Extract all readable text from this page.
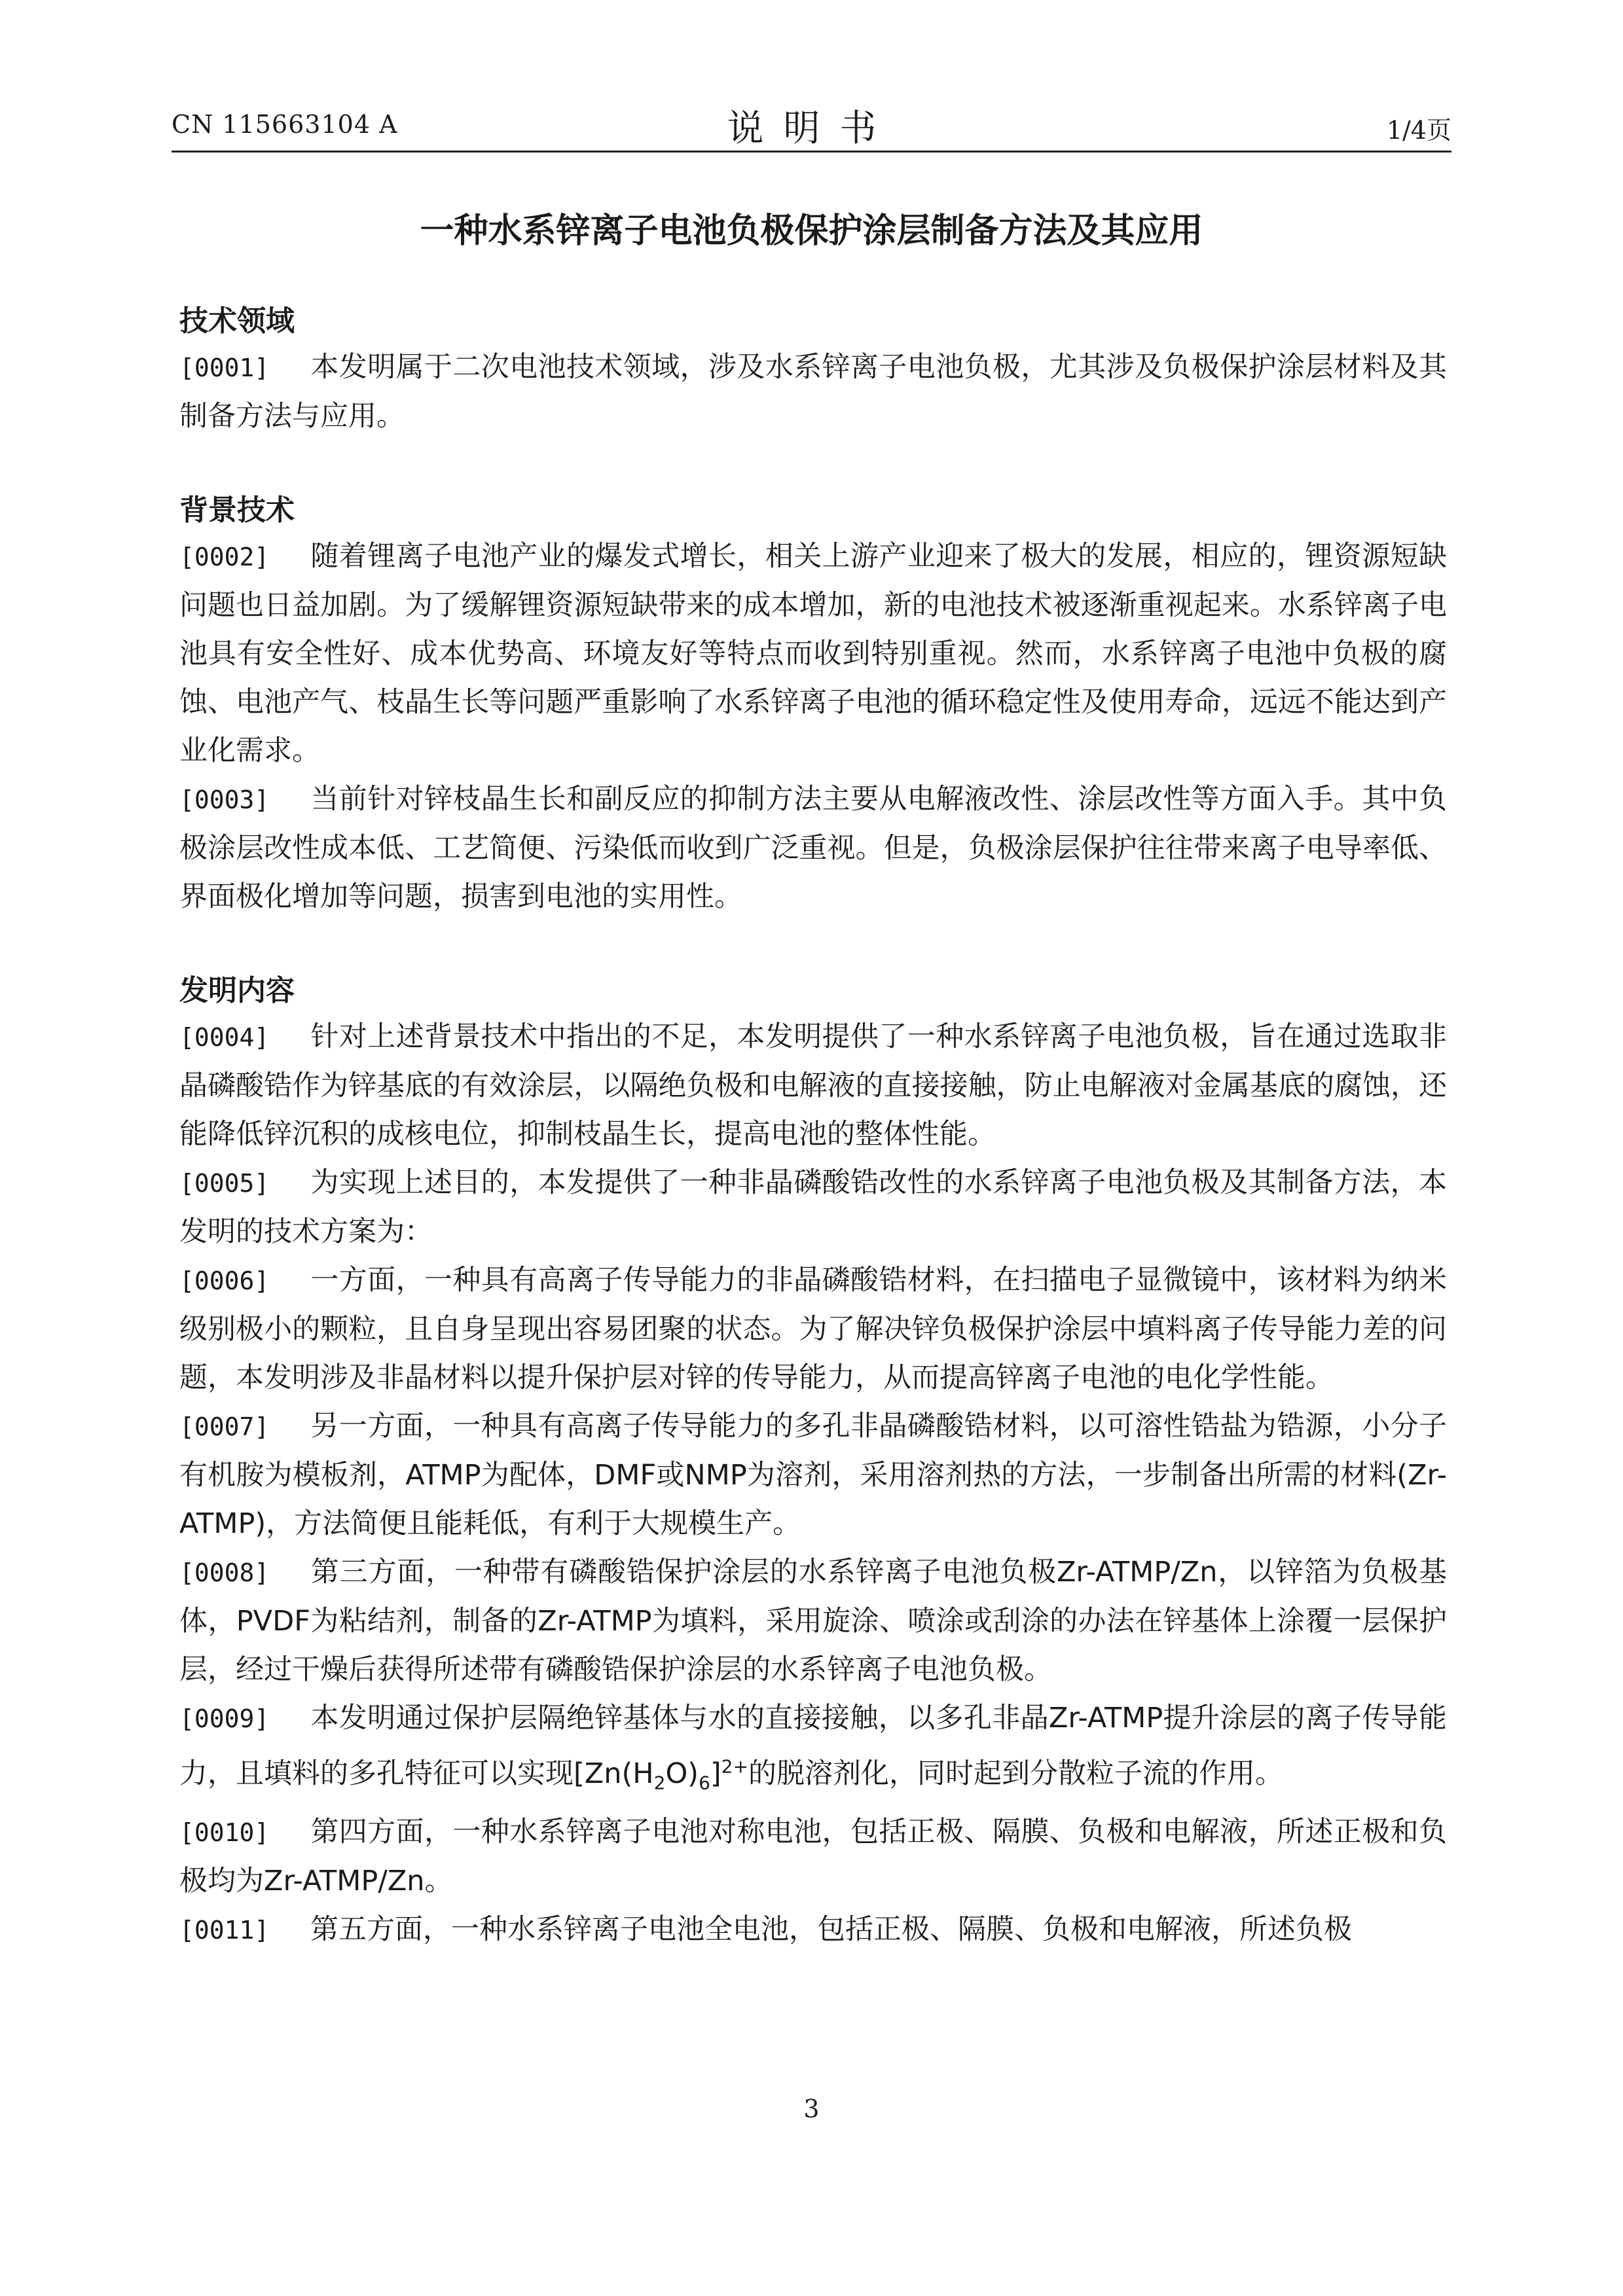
CN 115663104 A	说明书	1/4页
一种水系锌离子电池负极保护涂层制备方法及其应用
技术领域
[0001] 本发明属于二次电池技术领域，涉及水系锌离子电池负极，尤其涉及负极保护涂层材料及其制备方法与应用。
背景技术
[0002] 随着锂离子电池产业的爆发式增长，相关上游产业迎来了极大的发展，相应的，锂资源短缺问题也日益加剧。为了缓解锂资源短缺带来的成本增加，新的电池技术被逐渐重视起来。水系锌离子电池具有安全性好、成本优势高、环境友好等特点而收到特别重视。然而，水系锌离子电池中负极的腐蚀、电池产气、枝晶生长等问题严重影响了水系锌离子电池的循环稳定性及使用寿命，远远不能达到产业化需求。
[0003] 当前针对锌枝晶生长和副反应的抑制方法主要从电解液改性、涂层改性等方面入手。其中负极涂层改性成本低、工艺简便、污染低而收到广泛重视。但是，负极涂层保护往往带来离子电导率低、界面极化增加等问题，损害到电池的实用性。
发明内容
[0004] 针对上述背景技术中指出的不足，本发明提供了一种水系锌离子电池负极，旨在通过选取非晶磷酸锆作为锌基底的有效涂层，以隔绝负极和电解液的直接接触，防止电解液对金属基底的腐蚀，还能降低锌沉积的成核电位，抑制枝晶生长，提高电池的整体性能。
[0005] 为实现上述目的，本发提供了一种非晶磷酸锆改性的水系锌离子电池负极及其制备方法，本发明的技术方案为：
[0006] 一方面，一种具有高离子传导能力的非晶磷酸锆材料，在扫描电子显微镜中，该材料为纳米级别极小的颗粒，且自身呈现出容易团聚的状态。为了解决锌负极保护涂层中填料离子传导能力差的问题，本发明涉及非晶材料以提升保护层对锌的传导能力，从而提高锌离子电池的电化学性能。
[0007] 另一方面，一种具有高离子传导能力的多孔非晶磷酸锆材料，以可溶性锆盐为锆源，小分子有机胺为模板剂，ATMP为配体，DMF或NMP为溶剂，采用溶剂热的方法，一步制备出所需的材料(Zr-ATMP)，方法简便且能耗低，有利于大规模生产。
[0008] 第三方面，一种带有磷酸锆保护涂层的水系锌离子电池负极Zr-ATMP/Zn，以锌箔为负极基体，PVDF为粘结剂，制备的Zr-ATMP为填料，采用旋涂、喷涂或刮涂的办法在锌基体上涂覆一层保护层，经过干燥后获得所述带有磷酸锆保护涂层的水系锌离子电池负极。
[0009] 本发明通过保护层隔绝锌基体与水的直接接触，以多孔非晶Zr-ATMP提升涂层的离子传导能力，且填料的多孔特征可以实现$[Zn(H_2O)_6]^{2+}$的脱溶剂化，同时起到分散粒子流的作用。
[0010] 第四方面，一种水系锌离子电池对称电池，包括正极、隔膜、负极和电解液，所述正极和负极均为Zr-ATMP/Zn。
[0011] 第五方面，一种水系锌离子电池全电池，包括正极、隔膜、负极和电解液，所述负极
3
